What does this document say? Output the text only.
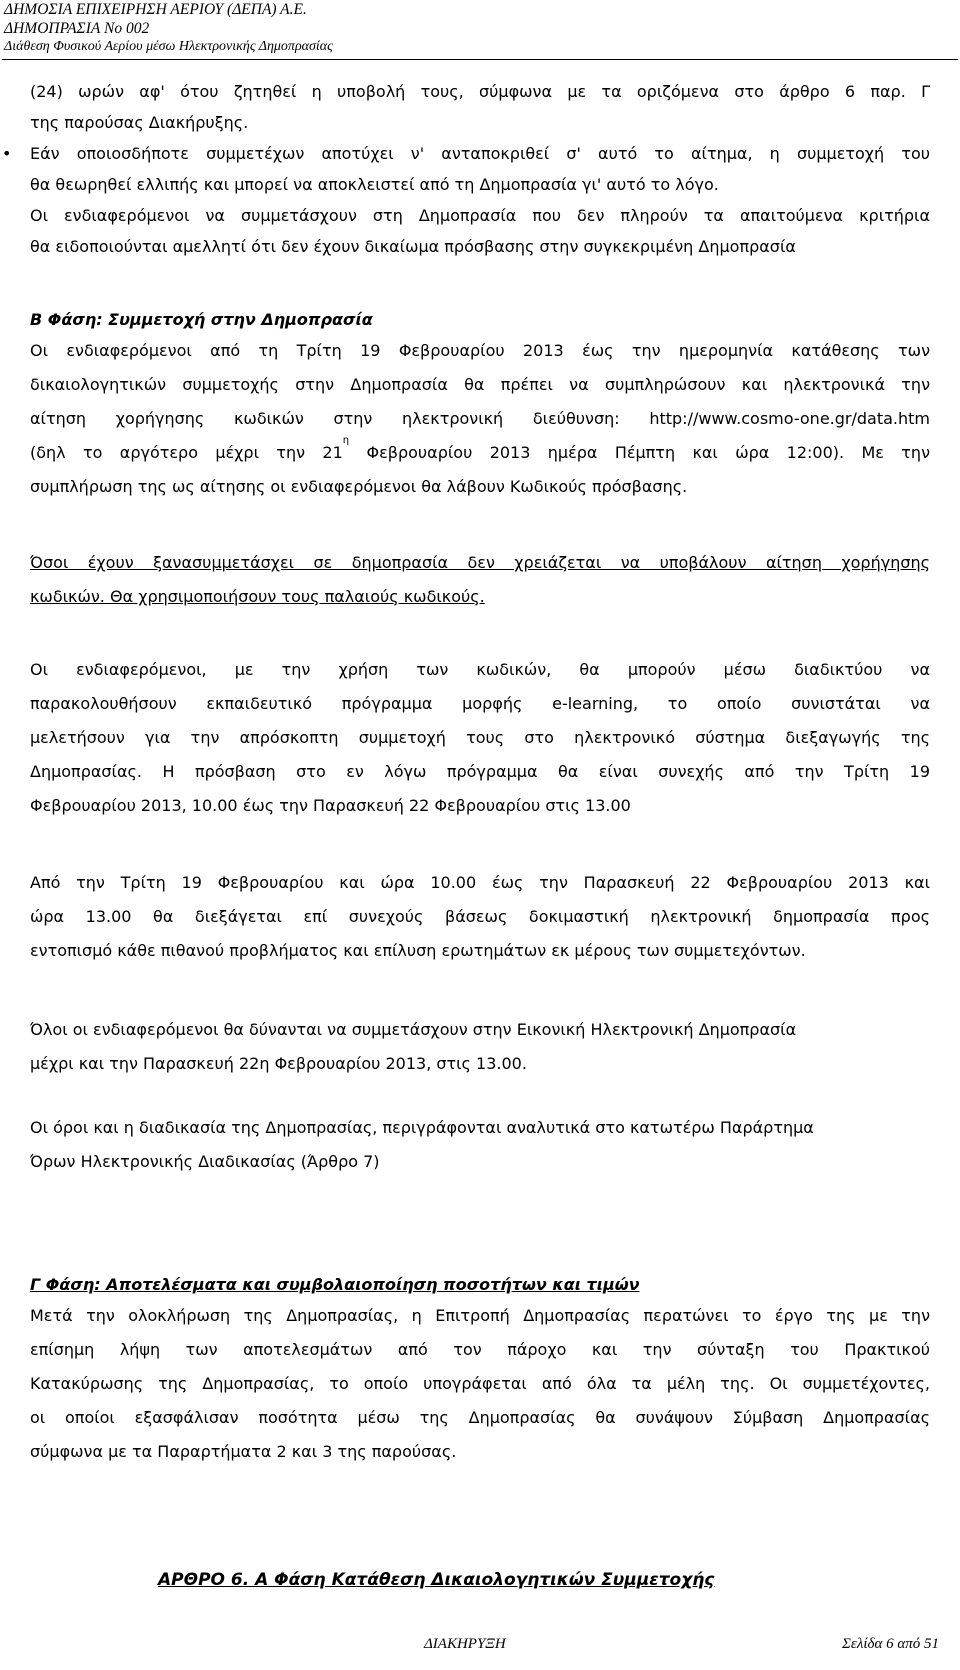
ΔΗΜΟΣΙΑ ΕΠΙΧΕΙΡΗΣΗ ΑΕΡΙΟΥ (ΔΕΠΑ) Α.Ε.
ΔΗΜΟΠΡΑΣΙΑ Νο 002
Διάθεση Φυσικού Αερίου μέσω Ηλεκτρονικής Δημοπρασίας
(24) ωρών αφ' ότου ζητηθεί η υποβολή τους, σύμφωνα με τα οριζόμενα στο άρθρο 6 παρ. Γ
της παρούσας Διακήρυξης.
• Εάν οποιοσδήποτε συμμετέχων αποτύχει ν' ανταποκριθεί σ' αυτό το αίτημα, η συμμετοχή του
θα θεωρηθεί ελλιπής και μπορεί να αποκλειστεί από τη Δημοπρασία γι' αυτό το λόγο.
Οι ενδιαφερόμενοι να συμμετάσχουν στη Δημοπρασία που δεν πληρούν τα απαιτούμενα κριτήρια
θα ειδοποιούνται αμελλητί ότι δεν έχουν δικαίωμα πρόσβασης στην συγκεκριμένη Δημοπρασία
Β Φάση: Συμμετοχή στην Δημοπρασία
Οι ενδιαφερόμενοι από τη Τρίτη 19 Φεβρουαρίου 2013 έως την ημερομηνία κατάθεσης των
δικαιολογητικών συμμετοχής στην Δημοπρασία θα πρέπει να συμπληρώσουν και ηλεκτρονικά την
αίτηση χορήγησης κωδικών στην ηλεκτρονική διεύθυνση: http://www.cosmo-one.gr/data.htm
(δηλ το αργότερο μέχρι την $21^\eta$ Φεβρουαρίου 2013 ημέρα Πέμπτη και ώρα 12:00). Με την
συμπλήρωση της ως αίτησης οι ενδιαφερόμενοι θα λάβουν Κωδικούς πρόσβασης.
Όσοι έχουν ξανασυμμετάσχει σε δημοπρασία δεν χρειάζεται να υποβάλουν αίτηση χορήγησης
κωδικών. Θα χρησιμοποιήσουν τους παλαιούς κωδικούς.
Οι ενδιαφερόμενοι, με την χρήση των κωδικών, θα μπορούν μέσω διαδικτύου να
παρακολουθήσουν εκπαιδευτικό πρόγραμμα μορφής e-learning, το οποίο συνιστάται να
μελετήσουν για την απρόσκοπτη συμμετοχή τους στο ηλεκτρονικό σύστημα διεξαγωγής της
Δημοπρασίας. Η πρόσβαση στο εν λόγω πρόγραμμα θα είναι συνεχής από την Τρίτη 19
Φεβρουαρίου 2013, 10.00 έως την Παρασκευή 22 Φεβρουαρίου στις 13.00
Από την Τρίτη 19 Φεβρουαρίου και ώρα 10.00 έως την Παρασκευή 22 Φεβρουαρίου 2013 και
ώρα 13.00 θα διεξάγεται επί συνεχούς βάσεως δοκιμαστική ηλεκτρονική δημοπρασία προς
εντοπισμό κάθε πιθανού προβλήματος και επίλυση ερωτημάτων εκ μέρους των συμμετεχόντων.
Όλοι οι ενδιαφερόμενοι θα δύνανται να συμμετάσχουν στην Εικονική Ηλεκτρονική Δημοπρασία
μέχρι και την Παρασκευή 22η Φεβρουαρίου 2013, στις 13.00.
Οι όροι και η διαδικασία της Δημοπρασίας, περιγράφονται αναλυτικά στο κατωτέρω Παράρτημα
Όρων Ηλεκτρονικής Διαδικασίας (Άρθρο 7)
Γ Φάση: Αποτελέσματα και συμβολαιοποίηση ποσοτήτων και τιμών
Μετά την ολοκλήρωση της Δημοπρασίας, η Επιτροπή Δημοπρασίας περατώνει το έργο της με την
επίσημη λήψη των αποτελεσμάτων από τον πάροχο και την σύνταξη του Πρακτικού
Κατακύρωσης της Δημοπρασίας, το οποίο υπογράφεται από όλα τα μέλη της. Οι συμμετέχοντες,
οι οποίοι εξασφάλισαν ποσότητα μέσω της Δημοπρασίας θα συνάψουν Σύμβαση Δημοπρασίας
σύμφωνα με τα Παραρτήματα 2 και 3 της παρούσας.
ΑΡΘΡΟ 6. Α Φάση Κατάθεση Δικαιολογητικών Συμμετοχής
ΔΙΑΚΗΡΥΞΗ	Σελίδα 6 από 51
